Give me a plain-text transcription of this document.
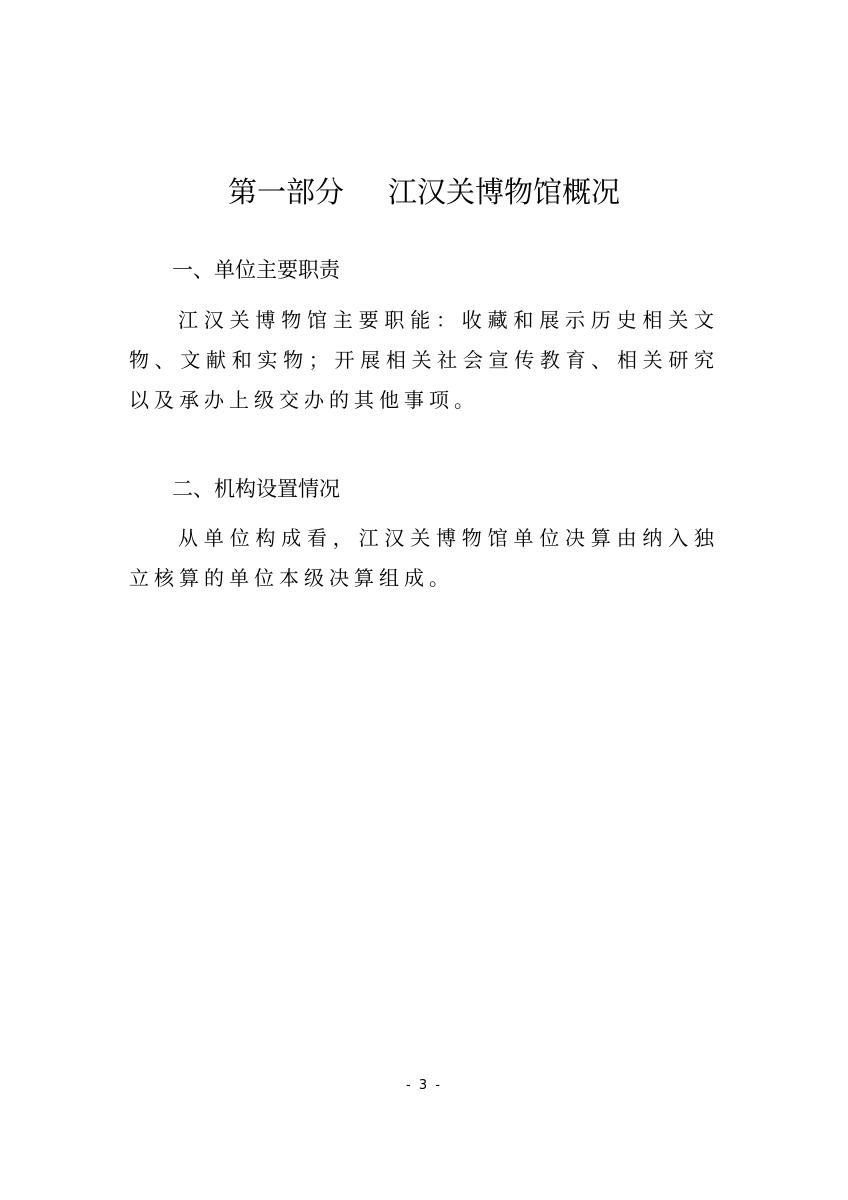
第一部分 江汉关博物馆概况
一、单位主要职责
江汉关博物馆主要职能：收藏和展示历史相关文物、文献和实物；开展相关社会宣传教育、相关研究以及承办上级交办的其他事项。
二、机构设置情况
从单位构成看，江汉关博物馆单位决算由纳入独立核算的单位本级决算组成。
- 3 -
